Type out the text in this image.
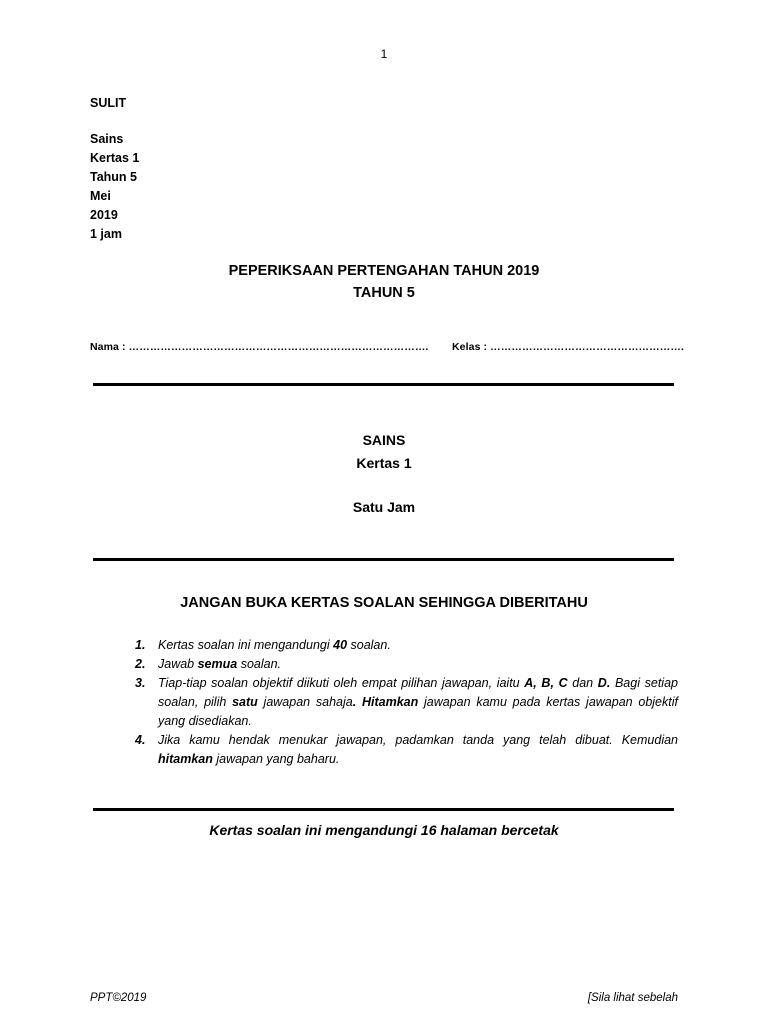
1
SULIT
Sains
Kertas 1
Tahun 5
Mei
2019
1 jam
PEPERIKSAAN PERTENGAHAN TAHUN 2019
TAHUN 5
Nama : …………………………………………………………………………. Kelas : ……………………………………………….
SAINS
Kertas 1
Satu Jam
JANGAN BUKA KERTAS SOALAN SEHINGGA DIBERITAHU
1. Kertas soalan ini mengandungi 40 soalan.
2. Jawab semua soalan.
3. Tiap-tiap soalan objektif diikuti oleh empat pilihan jawapan, iaitu A, B, C dan D. Bagi setiap soalan, pilih satu jawapan sahaja. Hitamkan jawapan kamu pada kertas jawapan objektif yang disediakan.
4. Jika kamu hendak menukar jawapan, padamkan tanda yang telah dibuat. Kemudian hitamkan jawapan yang baharu.
Kertas soalan ini mengandungi 16 halaman bercetak
PPT©2019	[Sila lihat sebelah
